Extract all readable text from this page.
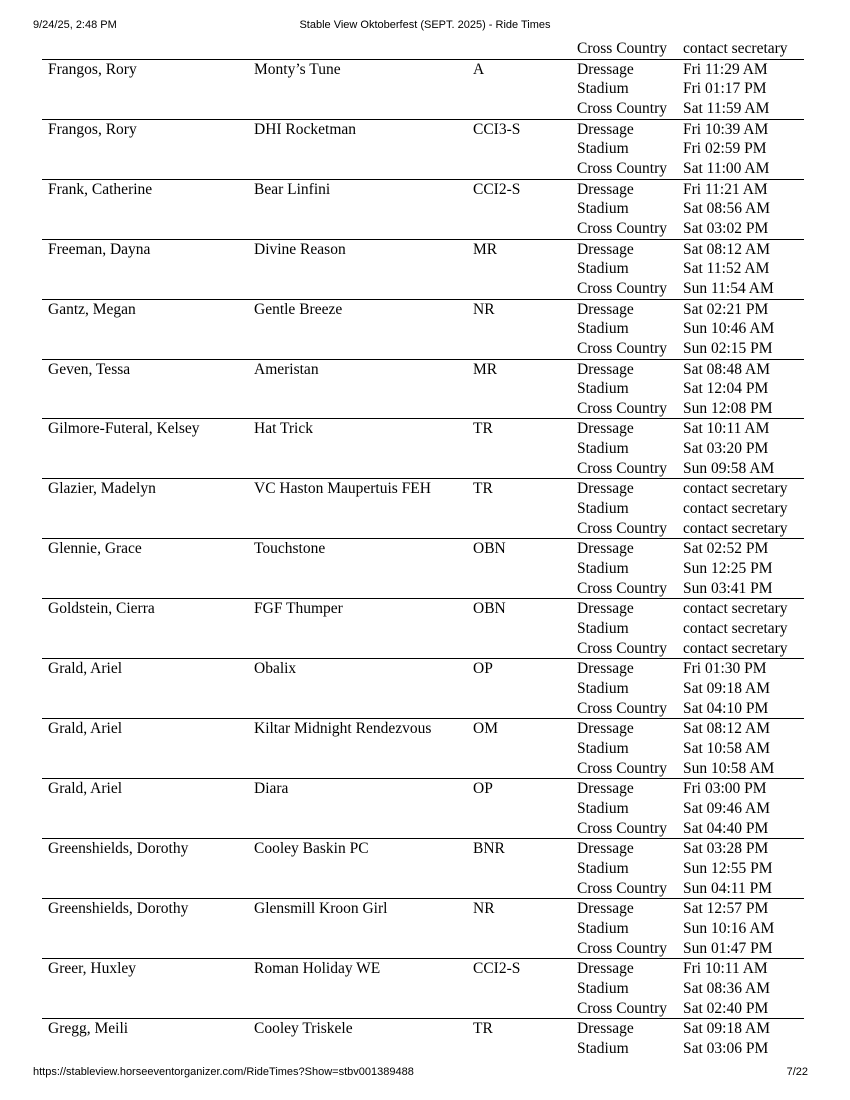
9/24/25, 2:48 PM	Stable View Oktoberfest (SEPT. 2025) - Ride Times
Cross Country contact secretary
Frangos, Rory	Monty’s Tune	A	Dressage	Fri 11:29 AM
Stadium	Fri 01:17 PM
Cross Country Sat 11:59 AM
Frangos, Rory	DHI Rocketman	CCI3-S	Dressage	Fri 10:39 AM
Stadium	Fri 02:59 PM
Cross Country Sat 11:00 AM
Frank, Catherine	Bear Linfini	CCI2-S	Dressage	Fri 11:21 AM
Stadium	Sat 08:56 AM
Cross Country Sat 03:02 PM
Freeman, Dayna	Divine Reason	MR	Dressage	Sat 08:12 AM
Stadium	Sat 11:52 AM
Cross Country Sun 11:54 AM
Gantz, Megan	Gentle Breeze	NR	Dressage	Sat 02:21 PM
Stadium	Sun 10:46 AM
Cross Country Sun 02:15 PM
Geven, Tessa	Ameristan	MR	Dressage	Sat 08:48 AM
Stadium	Sat 12:04 PM
Cross Country Sun 12:08 PM
Gilmore-Futeral, Kelsey	Hat Trick	TR	Dressage	Sat 10:11 AM
Stadium	Sat 03:20 PM
Cross Country Sun 09:58 AM
Glazier, Madelyn	VC Haston Maupertuis FEH	TR	Dressage	contact secretary
Stadium	contact secretary
Cross Country contact secretary
Glennie, Grace	Touchstone	OBN	Dressage	Sat 02:52 PM
Stadium	Sun 12:25 PM
Cross Country Sun 03:41 PM
Goldstein, Cierra	FGF Thumper	OBN	Dressage	contact secretary
Stadium	contact secretary
Cross Country contact secretary
Grald, Ariel	Obalix	OP	Dressage	Fri 01:30 PM
Stadium	Sat 09:18 AM
Cross Country Sat 04:10 PM
Grald, Ariel	Kiltar Midnight Rendezvous	OM	Dressage	Sat 08:12 AM
Stadium	Sat 10:58 AM
Cross Country Sun 10:58 AM
Grald, Ariel	Diara	OP	Dressage	Fri 03:00 PM
Stadium	Sat 09:46 AM
Cross Country Sat 04:40 PM
Greenshields, Dorothy	Cooley Baskin PC	BNR	Dressage	Sat 03:28 PM
Stadium	Sun 12:55 PM
Cross Country Sun 04:11 PM
Greenshields, Dorothy	Glensmill Kroon Girl	NR	Dressage	Sat 12:57 PM
Stadium	Sun 10:16 AM
Cross Country Sun 01:47 PM
Greer, Huxley	Roman Holiday WE	CCI2-S	Dressage	Fri 10:11 AM
Stadium	Sat 08:36 AM
Cross Country Sat 02:40 PM
Gregg, Meili	Cooley Triskele	TR	Dressage	Sat 09:18 AM
Stadium	Sat 03:06 PM
https://stableview.horseeventorganizer.com/RideTimes?Show=stbv001389488	7/22
